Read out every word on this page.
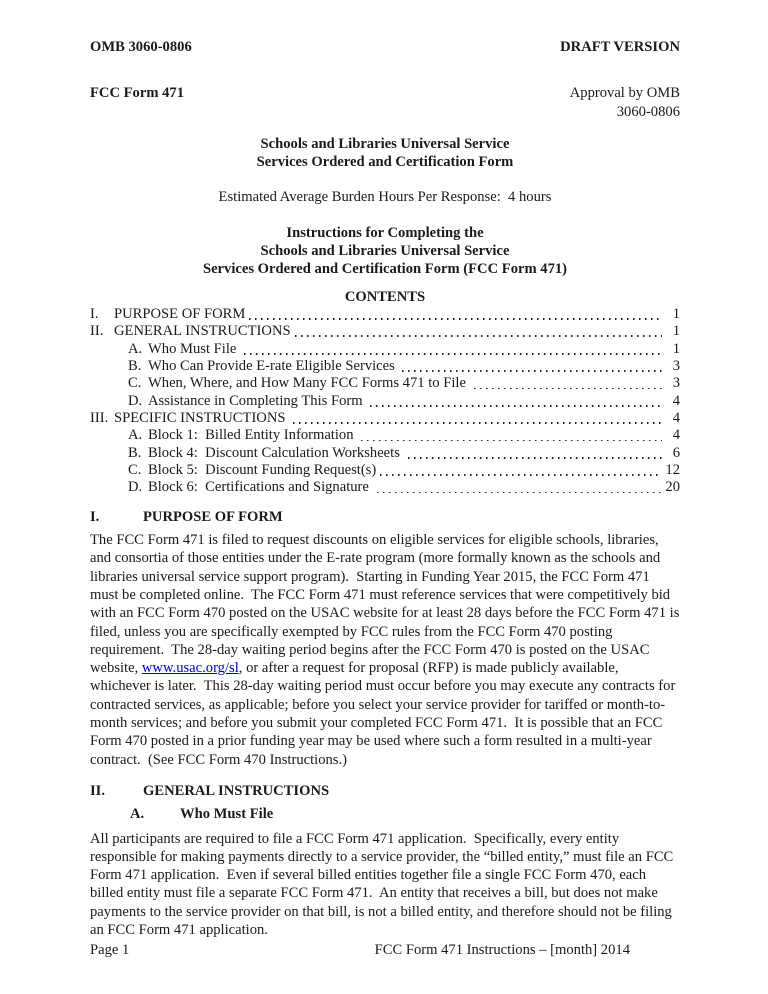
OMB 3060-0806	DRAFT VERSION
FCC Form 471	Approval by OMB
3060-0806
Schools and Libraries Universal Service
Services Ordered and Certification Form
Estimated Average Burden Hours Per Response:  4 hours
Instructions for Completing the
Schools and Libraries Universal Service
Services Ordered and Certification Form (FCC Form 471)
CONTENTS
I.	PURPOSE OF FORM	1
II. GENERAL INSTRUCTIONS	1
A. Who Must File	1
B. Who Can Provide E-rate Eligible Services	3
C. When, Where, and How Many FCC Forms 471 to File	3
D. Assistance in Completing This Form	4
III. SPECIFIC INSTRUCTIONS	4
A. Block 1:  Billed Entity Information	4
B. Block 4:  Discount Calculation Worksheets	6
C. Block 5:  Discount Funding Request(s)	12
D. Block 6:  Certifications and Signature	20
I.	PURPOSE OF FORM
The FCC Form 471 is filed to request discounts on eligible services for eligible schools, libraries, and consortia of those entities under the E-rate program (more formally known as the schools and libraries universal service support program).  Starting in Funding Year 2015, the FCC Form 471 must be completed online.  The FCC Form 471 must reference services that were competitively bid with an FCC Form 470 posted on the USAC website for at least 28 days before the FCC Form 471 is filed, unless you are specifically exempted by FCC rules from the FCC Form 470 posting requirement.  The 28-day waiting period begins after the FCC Form 470 is posted on the USAC website, www.usac.org/sl, or after a request for proposal (RFP) is made publicly available, whichever is later.  This 28-day waiting period must occur before you may execute any contracts for contracted services, as applicable; before you select your service provider for tariffed or month-to-month services; and before you submit your completed FCC Form 471.  It is possible that an FCC Form 470 posted in a prior funding year may be used where such a form resulted in a multi-year contract.  (See FCC Form 470 Instructions.)
II.	GENERAL INSTRUCTIONS
A.	Who Must File
All participants are required to file a FCC Form 471 application.  Specifically, every entity responsible for making payments directly to a service provider, the “billed entity,” must file an FCC Form 471 application.  Even if several billed entities together file a single FCC Form 470, each billed entity must file a separate FCC Form 471.  An entity that receives a bill, but does not make payments to the service provider on that bill, is not a billed entity, and therefore should not be filing an FCC Form 471 application.
Page 1	FCC Form 471 Instructions – [month] 2014
